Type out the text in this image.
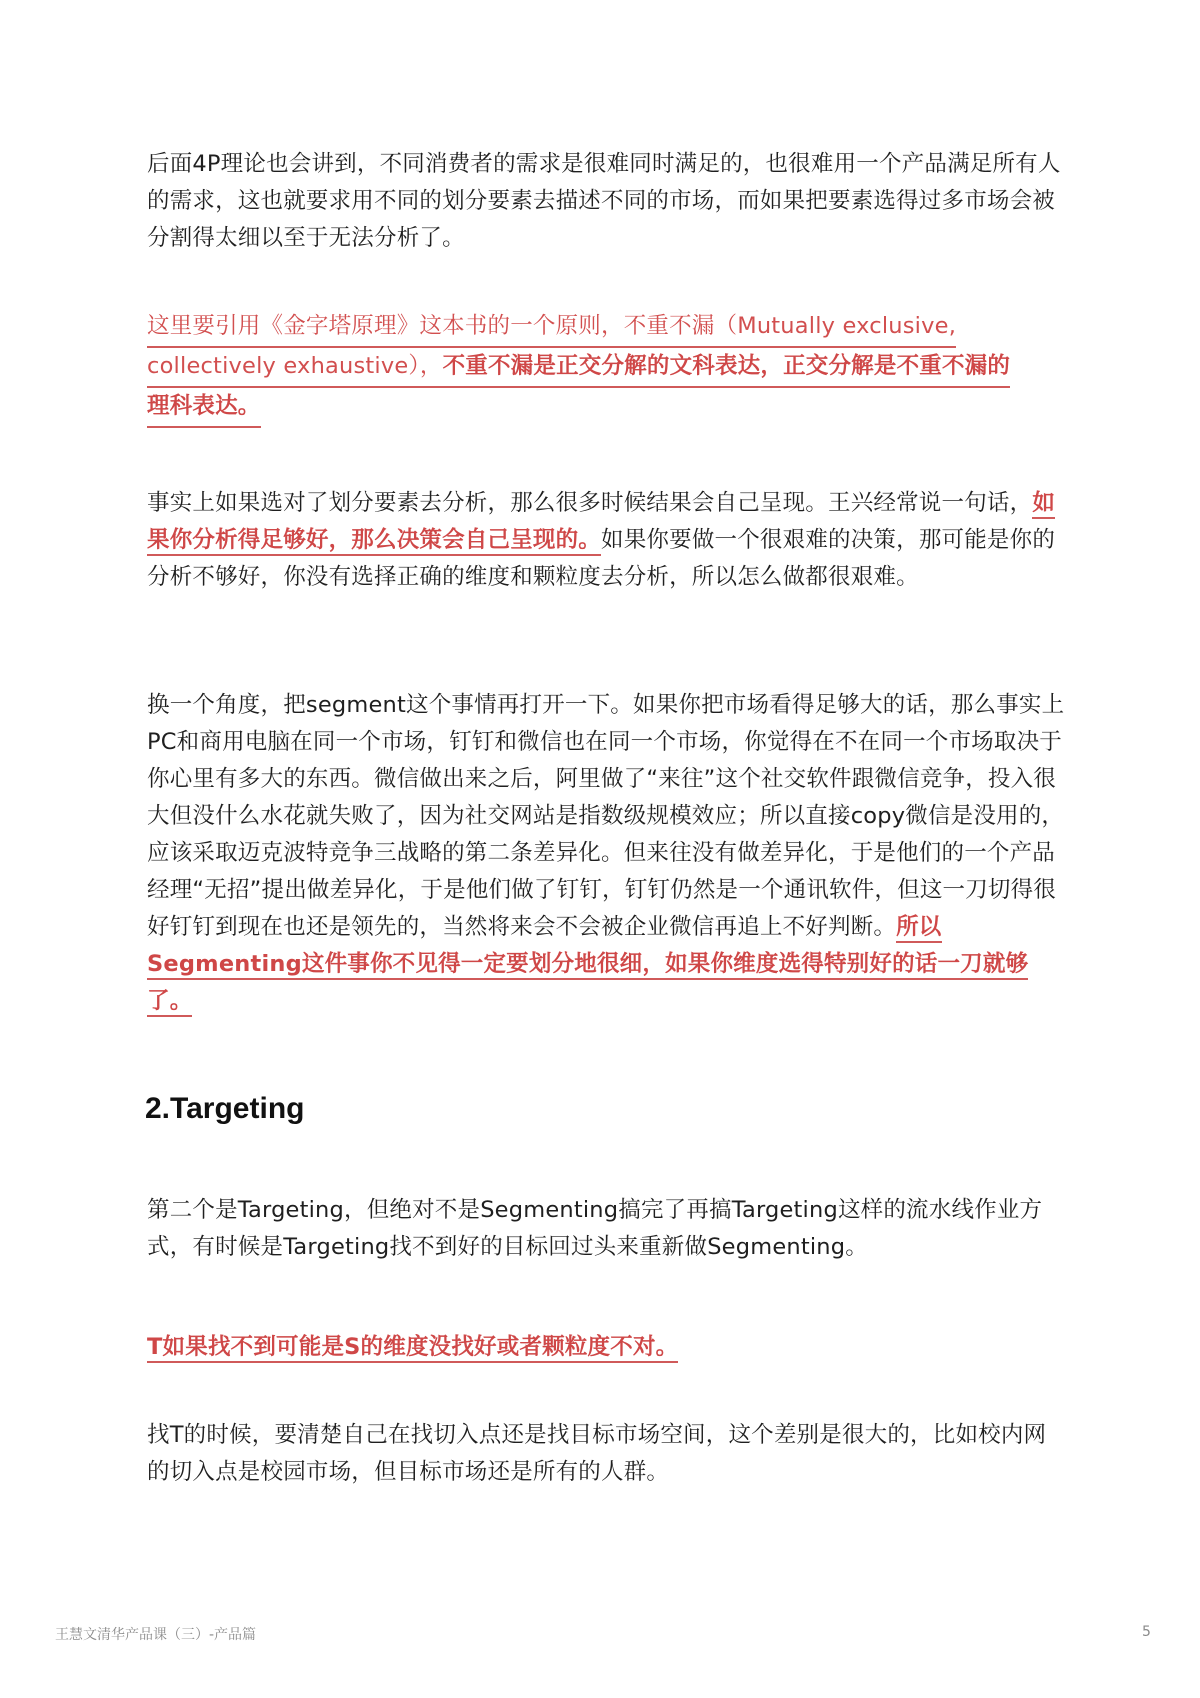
后面4P理论也会讲到，不同消费者的需求是很难同时满足的，也很难用一个产品满足所有人的需求，这也就要求用不同的划分要素去描述不同的市场，而如果把要素选得过多市场会被分割得太细以至于无法分析了。

这里要引用《金字塔原理》这本书的一个原则，不重不漏（Mutually exclusive,
collectively exhaustive），不重不漏是正交分解的文科表达，正交分解是不重不漏的
理科表达。

事实上如果选对了划分要素去分析，那么很多时候结果会自己呈现。王兴经常说一句话，如果你分析得足够好，那么决策会自己呈现的。如果你要做一个很艰难的决策，那可能是你的分析不够好，你没有选择正确的维度和颗粒度去分析，所以怎么做都很艰难。

换一个角度，把segment这个事情再打开一下。如果你把市场看得足够大的话，那么事实上PC和商用电脑在同一个市场，钉钉和微信也在同一个市场，你觉得在不在同一个市场取决于你心里有多大的东西。微信做出来之后，阿里做了“来往”这个社交软件跟微信竞争，投入很大但没什么水花就失败了，因为社交网站是指数级规模效应；所以直接copy微信是没用的，应该采取迈克波特竞争三战略的第二条差异化。但来往没有做差异化，于是他们的一个产品经理“无招”提出做差异化，于是他们做了钉钉，钉钉仍然是一个通讯软件，但这一刀切得很好钉钉到现在也还是领先的，当然将来会不会被企业微信再追上不好判断。所以Segmenting这件事你不见得一定要划分地很细，如果你维度选得特别好的话一刀就够了。

2.Targeting

第二个是Targeting，但绝对不是Segmenting搞完了再搞Targeting这样的流水线作业方式，有时候是Targeting找不到好的目标回过头来重新做Segmenting。

T如果找不到可能是S的维度没找好或者颗粒度不对。

找T的时候，要清楚自己在找切入点还是找目标市场空间，这个差别是很大的，比如校内网的切入点是校园市场，但目标市场还是所有的人群。

王慧文清华产品课（三）-产品篇	5
